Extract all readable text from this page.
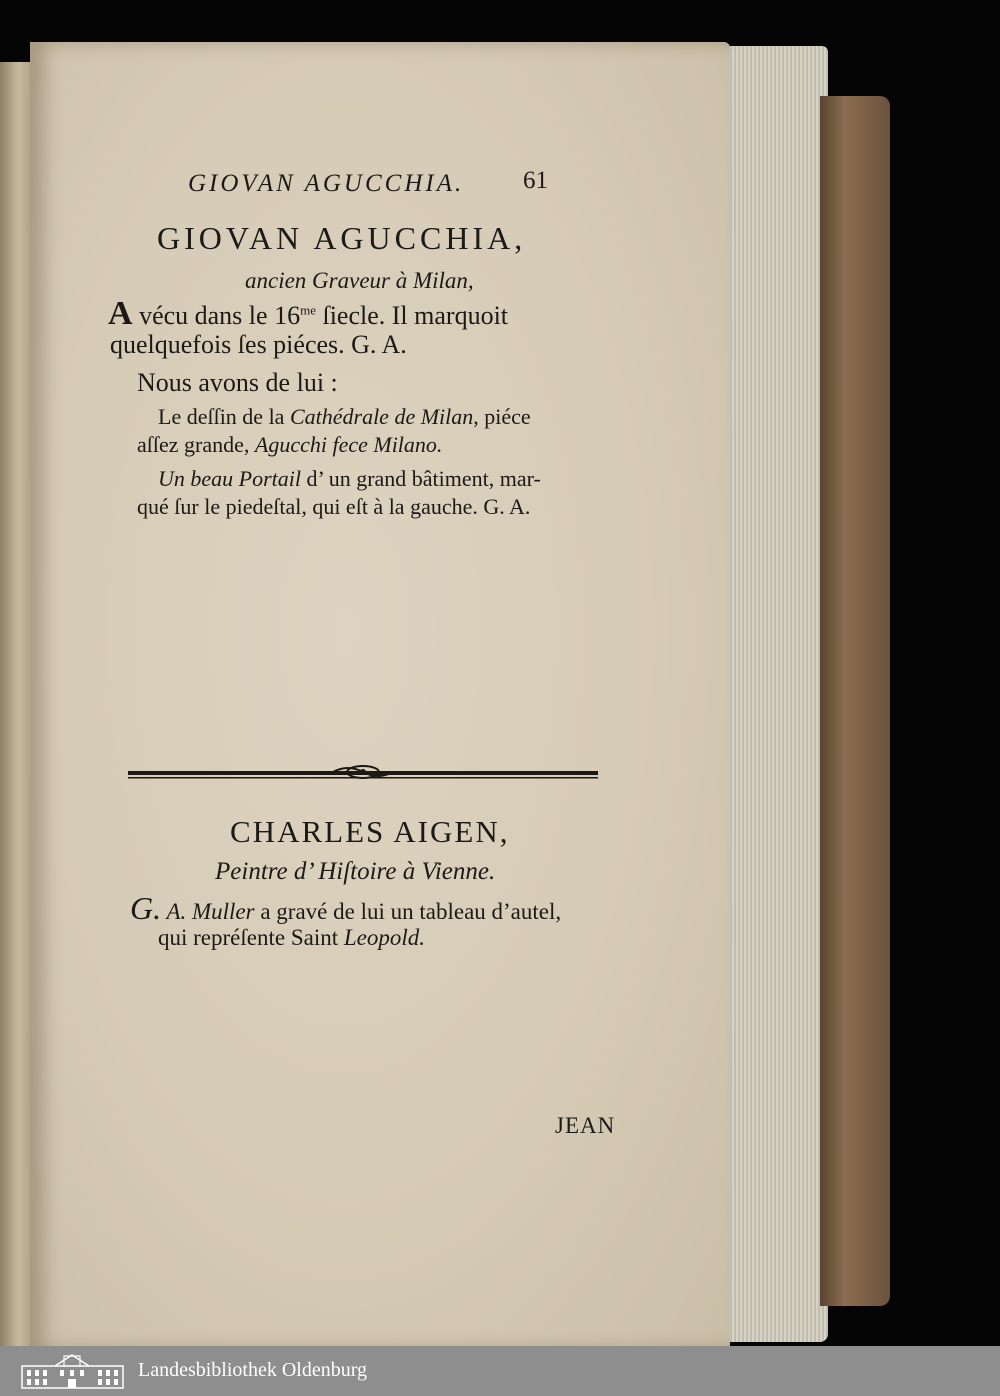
GIOVAN AGUCCHIA. 61
GIOVAN AGUCCHIA,
ancien Graveur à Milan,
A vécu dans le $16^{me}$ ſiecle. Il marquoit
quelquefois ſes piéces. G. A.
Nous avons de lui :
Le deſſin de la Cathédrale de Milan, piéce
aſſez grande, Agucchi fece Milano.
Un beau Portail d’ un grand bâtiment, mar-
qué ſur le piedeſtal, qui eſt à la gauche. G. A.
CHARLES AIGEN,
Peintre d’ Hiſtoire à Vienne.
G. A. Muller a gravé de lui un tableau d’autel,
qui repréſente Saint Leopold.
JEAN
Landesbibliothek Oldenburg
